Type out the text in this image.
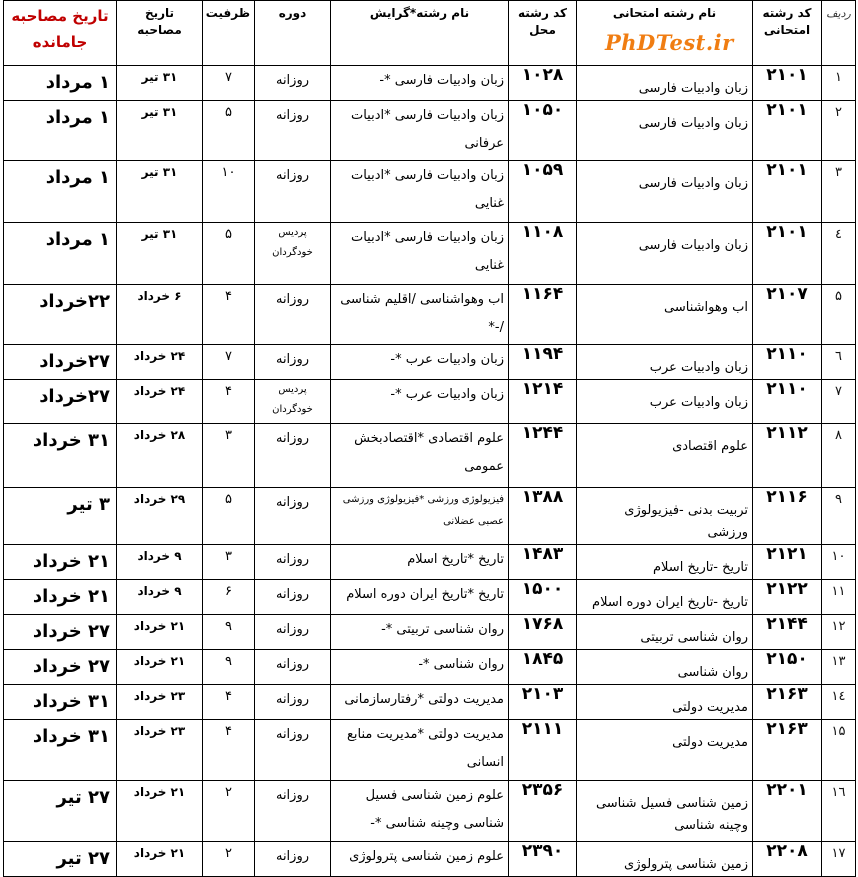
ردیف	کد رشته امتحانی	نام رشته امتحانی	کد رشته محل	نام رشته*گرایش	دوره	ظرفیت	تاریخ مصاحبه	تاریخ مصاحبه جامانده
۱	۲۱۰۱	زبان وادبیات فارسی	۱۰۲۸	زبان وادبیات فارسی *-	روزانه	۷	۳۱ تیر	۱ مرداد
۲	۲۱۰۱	زبان وادبیات فارسی	۱۰۵۰	زبان وادبیات فارسی *ادبیات عرفانی	روزانه	۵	۳۱ تیر	۱ مرداد
۳	۲۱۰۱	زبان وادبیات فارسی	۱۰۵۹	زبان وادبیات فارسی *ادبیات غنایی	روزانه	۱۰	۳۱ تیر	۱ مرداد
٤	۲۱۰۱	زبان وادبیات فارسی	۱۱۰۸	زبان وادبیات فارسی *ادبیات غنایی	پردیس خودگردان	۵	۳۱ تیر	۱ مرداد
۵	۲۱۰۷	اب وهواشناسی	۱۱۶۴	اب وهواشناسی /اقلیم شناسی /-*	روزانه	۴	۶ خرداد	۲۲خرداد
٦	۲۱۱۰	زبان وادبیات عرب	۱۱۹۴	زبان وادبیات عرب *-	روزانه	۷	۲۴ خرداد	۲۷خرداد
۷	۲۱۱۰	زبان وادبیات عرب	۱۲۱۴	زبان وادبیات عرب *-	پردیس خودگردان	۴	۲۴ خرداد	۲۷خرداد
۸	۲۱۱۲	علوم اقتصادی	۱۲۴۴	علوم اقتصادی *اقتصادبخش عمومی	روزانه	۳	۲۸ خرداد	۳۱ خرداد
۹	۲۱۱۶	تربیت بدنی -فیزیولوژی ورزشی	۱۳۸۸	فیزیولوژی ورزشی *فیزیولوژی ورزشی عصبی عضلانی	روزانه	۵	۲۹ خرداد	۳ تیر
۱۰	۲۱۲۱	تاریخ -تاریخ اسلام	۱۴۸۳	تاریخ *تاریخ اسلام	روزانه	۳	۹ خرداد	۲۱ خرداد
۱۱	۲۱۲۲	تاریخ -تاریخ ایران دوره اسلام	۱۵۰۰	تاریخ *تاریخ ایران دوره اسلام	روزانه	۶	۹ خرداد	۲۱ خرداد
۱۲	۲۱۴۴	روان شناسی تربیتی	۱۷۶۸	روان شناسی تربیتی *-	روزانه	۹	۲۱ خرداد	۲۷ خرداد
۱۳	۲۱۵۰	روان شناسی	۱۸۴۵	روان شناسی *-	روزانه	۹	۲۱ خرداد	۲۷ خرداد
١٤	۲۱۶۳	مدیریت دولتی	۲۱۰۳	مدیریت دولتی *رفتارسازمانی	روزانه	۴	۲۳ خرداد	۳۱ خرداد
۱۵	۲۱۶۳	مدیریت دولتی	۲۱۱۱	مدیریت دولتی *مدیریت منابع انسانی	روزانه	۴	۲۳ خرداد	۳۱ خرداد
١٦	۲۲۰۱	زمین شناسی فسیل شناسی وچینه شناسی	۲۳۵۶	علوم زمین شناسی فسیل شناسی وچینه شناسی *-	روزانه	۲	۲۱ خرداد	۲۷ تیر
۱۷	۲۲۰۸	زمین شناسی پترولوژی	۲۳۹۰	علوم زمین شناسی پترولوژی	روزانه	۲	۲۱ خرداد	۲۷ تیر
PhDTest.ir
